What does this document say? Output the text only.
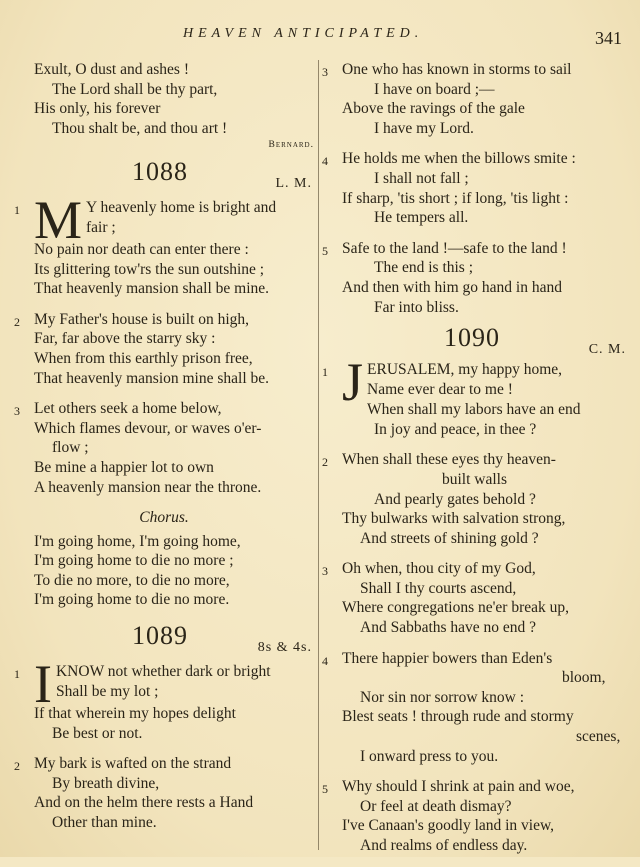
HEAVEN ANTICIPATED.	341
Exult, O dust and ashes !
The Lord shall be thy part,
His only, his forever
Thou shalt be, and thou art !
Bernard.
1088	L. M.
1 M Y heavenly home is bright and
fair ;
No pain nor death can enter there :
Its glittering tow'rs the sun outshine ;
That heavenly mansion shall be mine.
2 My Father's house is built on high,
Far, far above the starry sky :
When from this earthly prison free,
That heavenly mansion mine shall be.
3 Let others seek a home below,
Which flames devour, or waves o'er-
flow ;
Be mine a happier lot to own
A heavenly mansion near the throne.
Chorus.
I'm going home, I'm going home,
I'm going home to die no more ;
To die no more, to die no more,
I'm going home to die no more.
1089	8s & 4s.
1 I KNOW not whether dark or bright
Shall be my lot ;
If that wherein my hopes delight
Be best or not.
2 My bark is wafted on the strand
By breath divine,
And on the helm there rests a Hand
Other than mine.
3 One who has known in storms to sail
I have on board ;—
Above the ravings of the gale
I have my Lord.
4 He holds me when the billows smite :
I shall not fall ;
If sharp, 'tis short ; if long, 'tis light :
He tempers all.
5 Safe to the land !—safe to the land !
The end is this ;
And then with him go hand in hand
Far into bliss.
1090	C. M.
1 J ERUSALEM, my happy home,
Name ever dear to me !
When shall my labors have an end
In joy and peace, in thee ?
2 When shall these eyes thy heaven-
built walls
And pearly gates behold ?
Thy bulwarks with salvation strong,
And streets of shining gold ?
3 Oh when, thou city of my God,
Shall I thy courts ascend,
Where congregations ne'er break up,
And Sabbaths have no end ?
4 There happier bowers than Eden's
bloom,
Nor sin nor sorrow know :
Blest seats ! through rude and stormy
scenes,
I onward press to you.
5 Why should I shrink at pain and woe,
Or feel at death dismay?
I've Canaan's goodly land in view,
And realms of endless day.
